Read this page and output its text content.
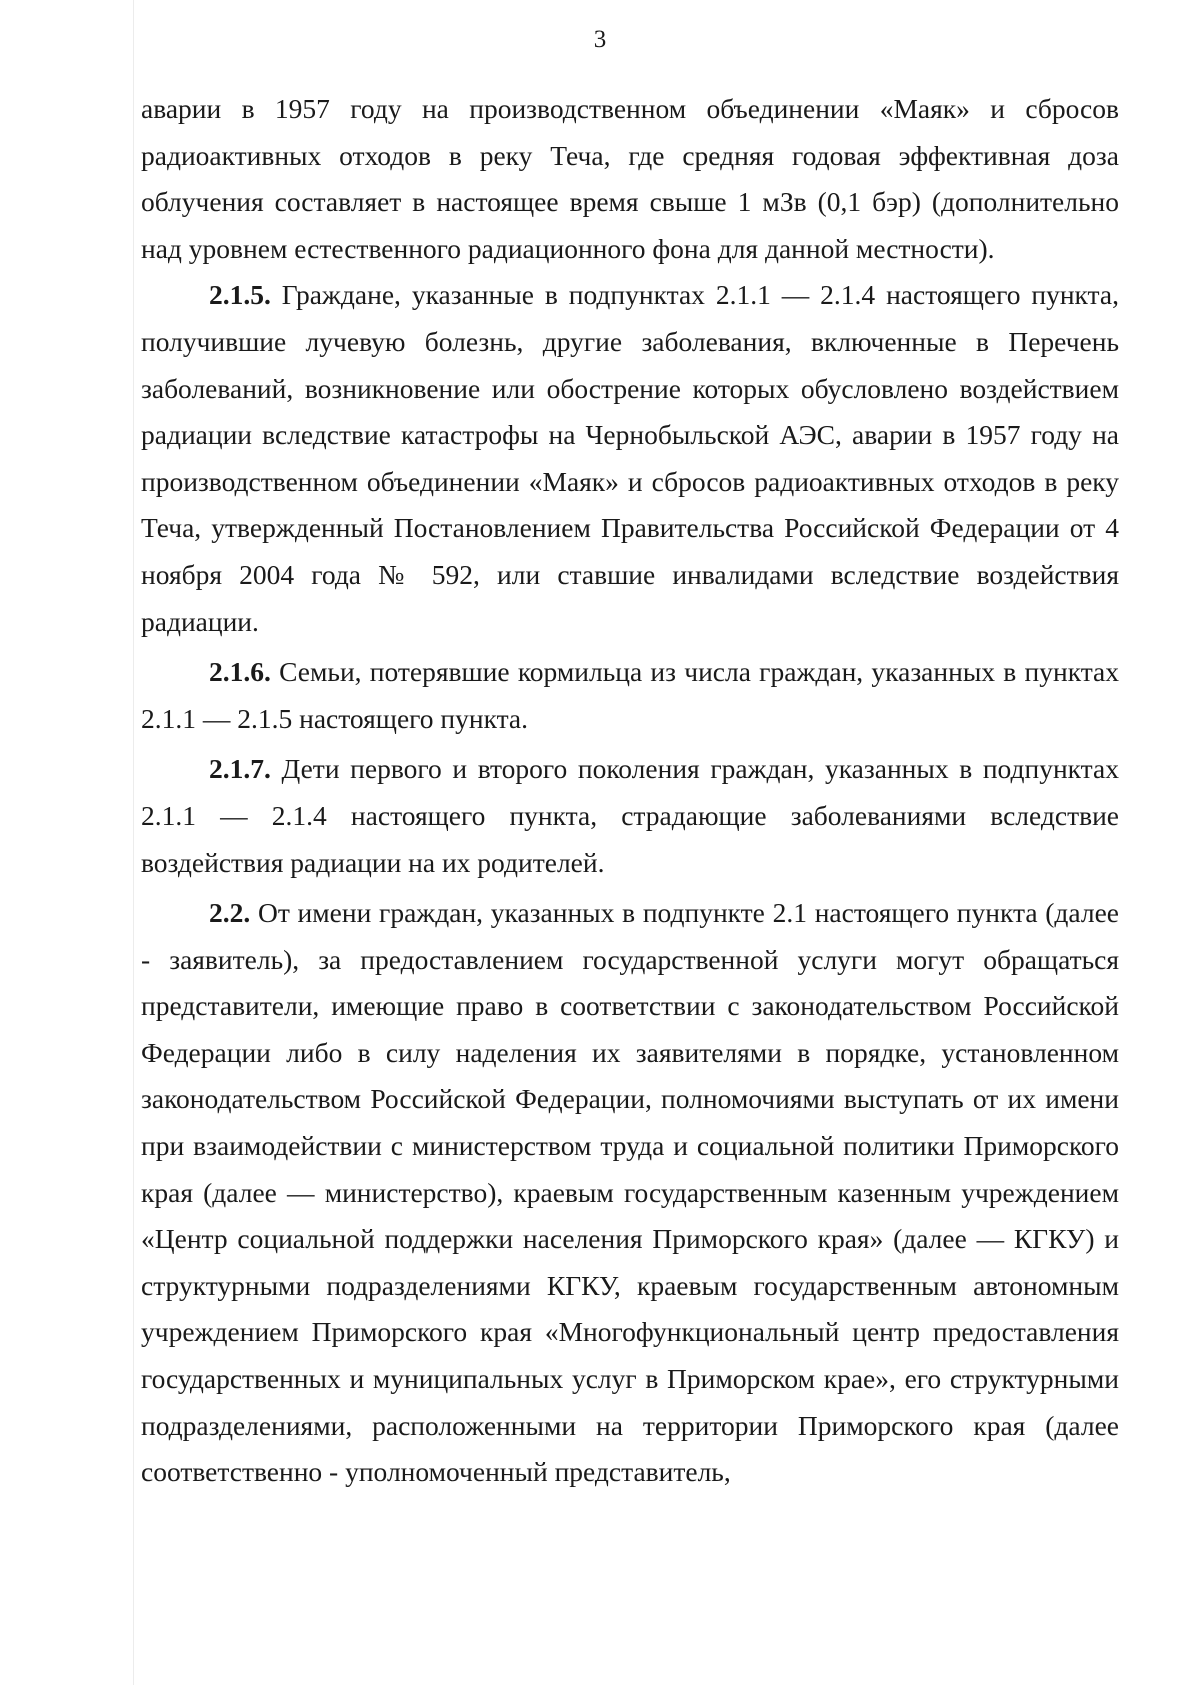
3

аварии в 1957 году на производственном объединении «Маяк» и сбросов радиоактивных отходов в реку Теча, где средняя годовая эффективная доза облучения составляет в настоящее время свыше 1 мЗв (0,1 бэр) (дополнительно над уровнем естественного радиационного фона для данной местности).

2.1.5. Граждане, указанные в подпунктах 2.1.1 — 2.1.4 настоящего пункта, получившие лучевую болезнь, другие заболевания, включенные в Перечень заболеваний, возникновение или обострение которых обусловлено воздействием радиации вследствие катастрофы на Чернобыльской АЭС, аварии в 1957 году на производственном объединении «Маяк» и сбросов радиоактивных отходов в реку Теча, утвержденный Постановлением Правительства Российской Федерации от 4 ноября 2004 года № 592, или ставшие инвалидами вследствие воздействия радиации.

2.1.6. Семьи, потерявшие кормильца из числа граждан, указанных в пунктах 2.1.1 — 2.1.5 настоящего пункта.

2.1.7. Дети первого и второго поколения граждан, указанных в подпунктах 2.1.1 — 2.1.4 настоящего пункта, страдающие заболеваниями вследствие воздействия радиации на их родителей.

2.2. От имени граждан, указанных в подпункте 2.1 настоящего пункта (далее - заявитель), за предоставлением государственной услуги могут обращаться представители, имеющие право в соответствии с законодательством Российской Федерации либо в силу наделения их заявителями в порядке, установленном законодательством Российской Федерации, полномочиями выступать от их имени при взаимодействии с министерством труда и социальной политики Приморского края (далее — министерство), краевым государственным казенным учреждением «Центр социальной поддержки населения Приморского края» (далее — КГКУ) и структурными подразделениями КГКУ, краевым государственным автономным учреждением Приморского края «Многофункциональный центр предоставления государственных и муниципальных услуг в Приморском крае», его структурными подразделениями, расположенными на территории Приморского края (далее соответственно - уполномоченный представитель,
